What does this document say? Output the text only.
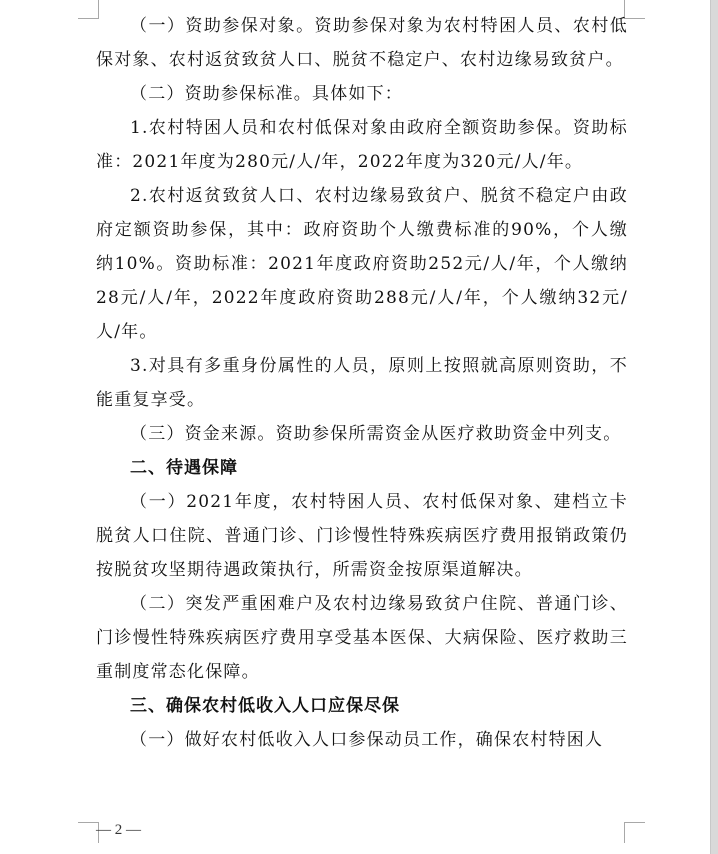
（一）资助参保对象。资助参保对象为农村特困人员、农村低保对象、农村返贫致贫人口、脱贫不稳定户、农村边缘易致贫户。

（二）资助参保标准。具体如下：

1.农村特困人员和农村低保对象由政府全额资助参保。资助标准：2021年度为280元/人/年，2022年度为320元/人/年。

2.农村返贫致贫人口、农村边缘易致贫户、脱贫不稳定户由政府定额资助参保，其中：政府资助个人缴费标准的90%，个人缴纳10%。资助标准：2021年度政府资助252元/人/年，个人缴纳28元/人/年，2022年度政府资助288元/人/年，个人缴纳32元/人/年。

3.对具有多重身份属性的人员，原则上按照就高原则资助，不能重复享受。

（三）资金来源。资助参保所需资金从医疗救助资金中列支。

二、待遇保障

（一）2021年度，农村特困人员、农村低保对象、建档立卡脱贫人口住院、普通门诊、门诊慢性特殊疾病医疗费用报销政策仍按脱贫攻坚期待遇政策执行，所需资金按原渠道解决。

（二）突发严重困难户及农村边缘易致贫户住院、普通门诊、门诊慢性特殊疾病医疗费用享受基本医保、大病保险、医疗救助三重制度常态化保障。

三、确保农村低收入人口应保尽保

（一）做好农村低收入人口参保动员工作，确保农村特困人

— 2 —
